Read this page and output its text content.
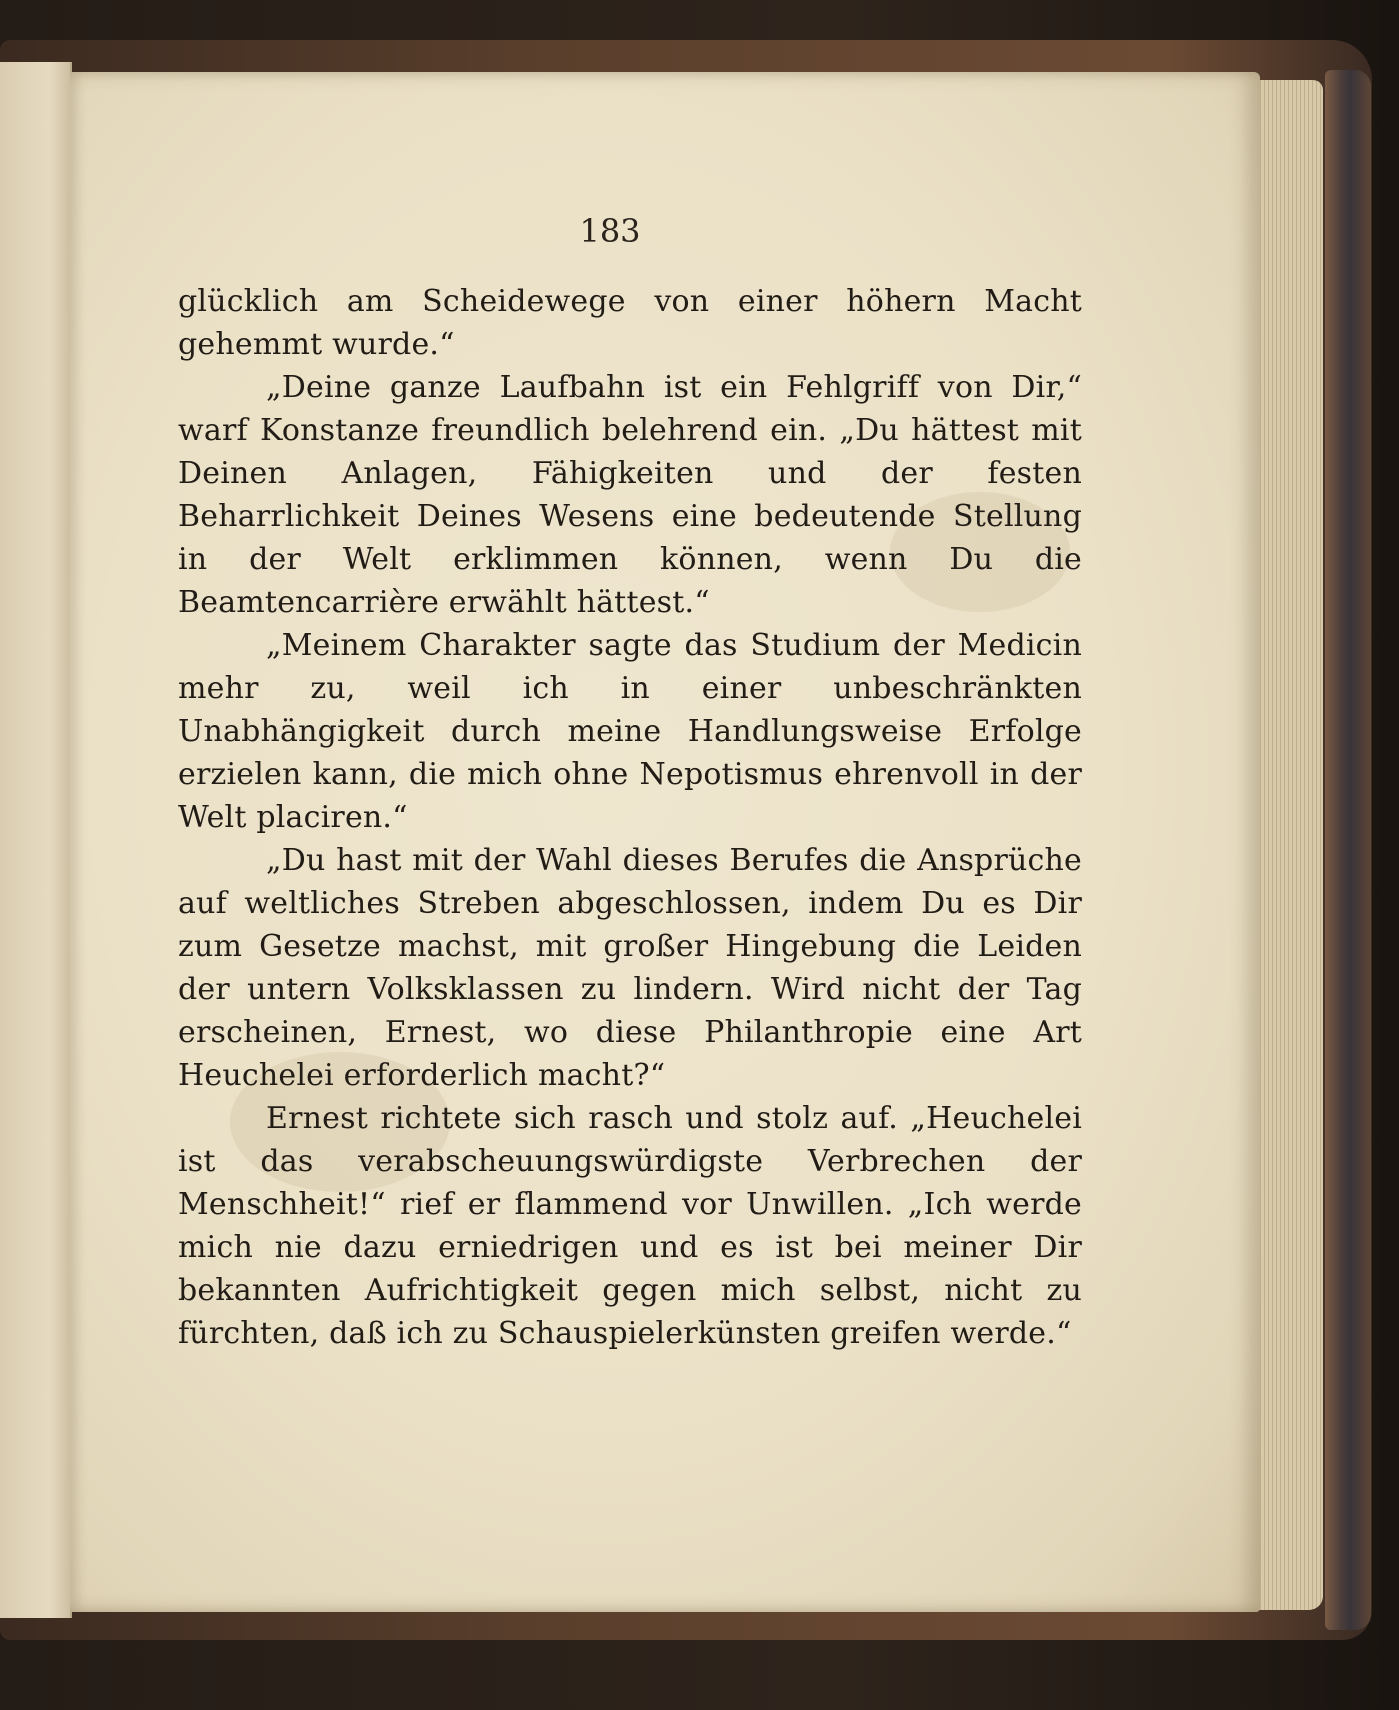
183

glücklich am Scheidewege von einer höhern Macht gehemmt wurde.“

„Deine ganze Laufbahn ist ein Fehlgriff von Dir,“ warf Konstanze freundlich belehrend ein. „Du hättest mit Deinen Anlagen, Fähigkeiten und der festen Beharrlichkeit Deines Wesens eine bedeutende Stellung in der Welt erklimmen können, wenn Du die Beamtencarrière erwählt hättest.“

„Meinem Charakter sagte das Studium der Medicin mehr zu, weil ich in einer unbeschränkten Unabhängigkeit durch meine Handlungsweise Erfolge erzielen kann, die mich ohne Nepotismus ehrenvoll in der Welt placiren.“

„Du hast mit der Wahl dieses Berufes die Ansprüche auf weltliches Streben abgeschlossen, indem Du es Dir zum Gesetze machst, mit großer Hingebung die Leiden der untern Volksklassen zu lindern. Wird nicht der Tag erscheinen, Ernest, wo diese Philanthropie eine Art Heuchelei erforderlich macht?“

Ernest richtete sich rasch und stolz auf. „Heuchelei ist das verabscheuungswürdigste Verbrechen der Menschheit!“ rief er flammend vor Unwillen. „Ich werde mich nie dazu erniedrigen und es ist bei meiner Dir bekannten Aufrichtigkeit gegen mich selbst, nicht zu fürchten, daß ich zu Schauspielerkünsten greifen werde.“
